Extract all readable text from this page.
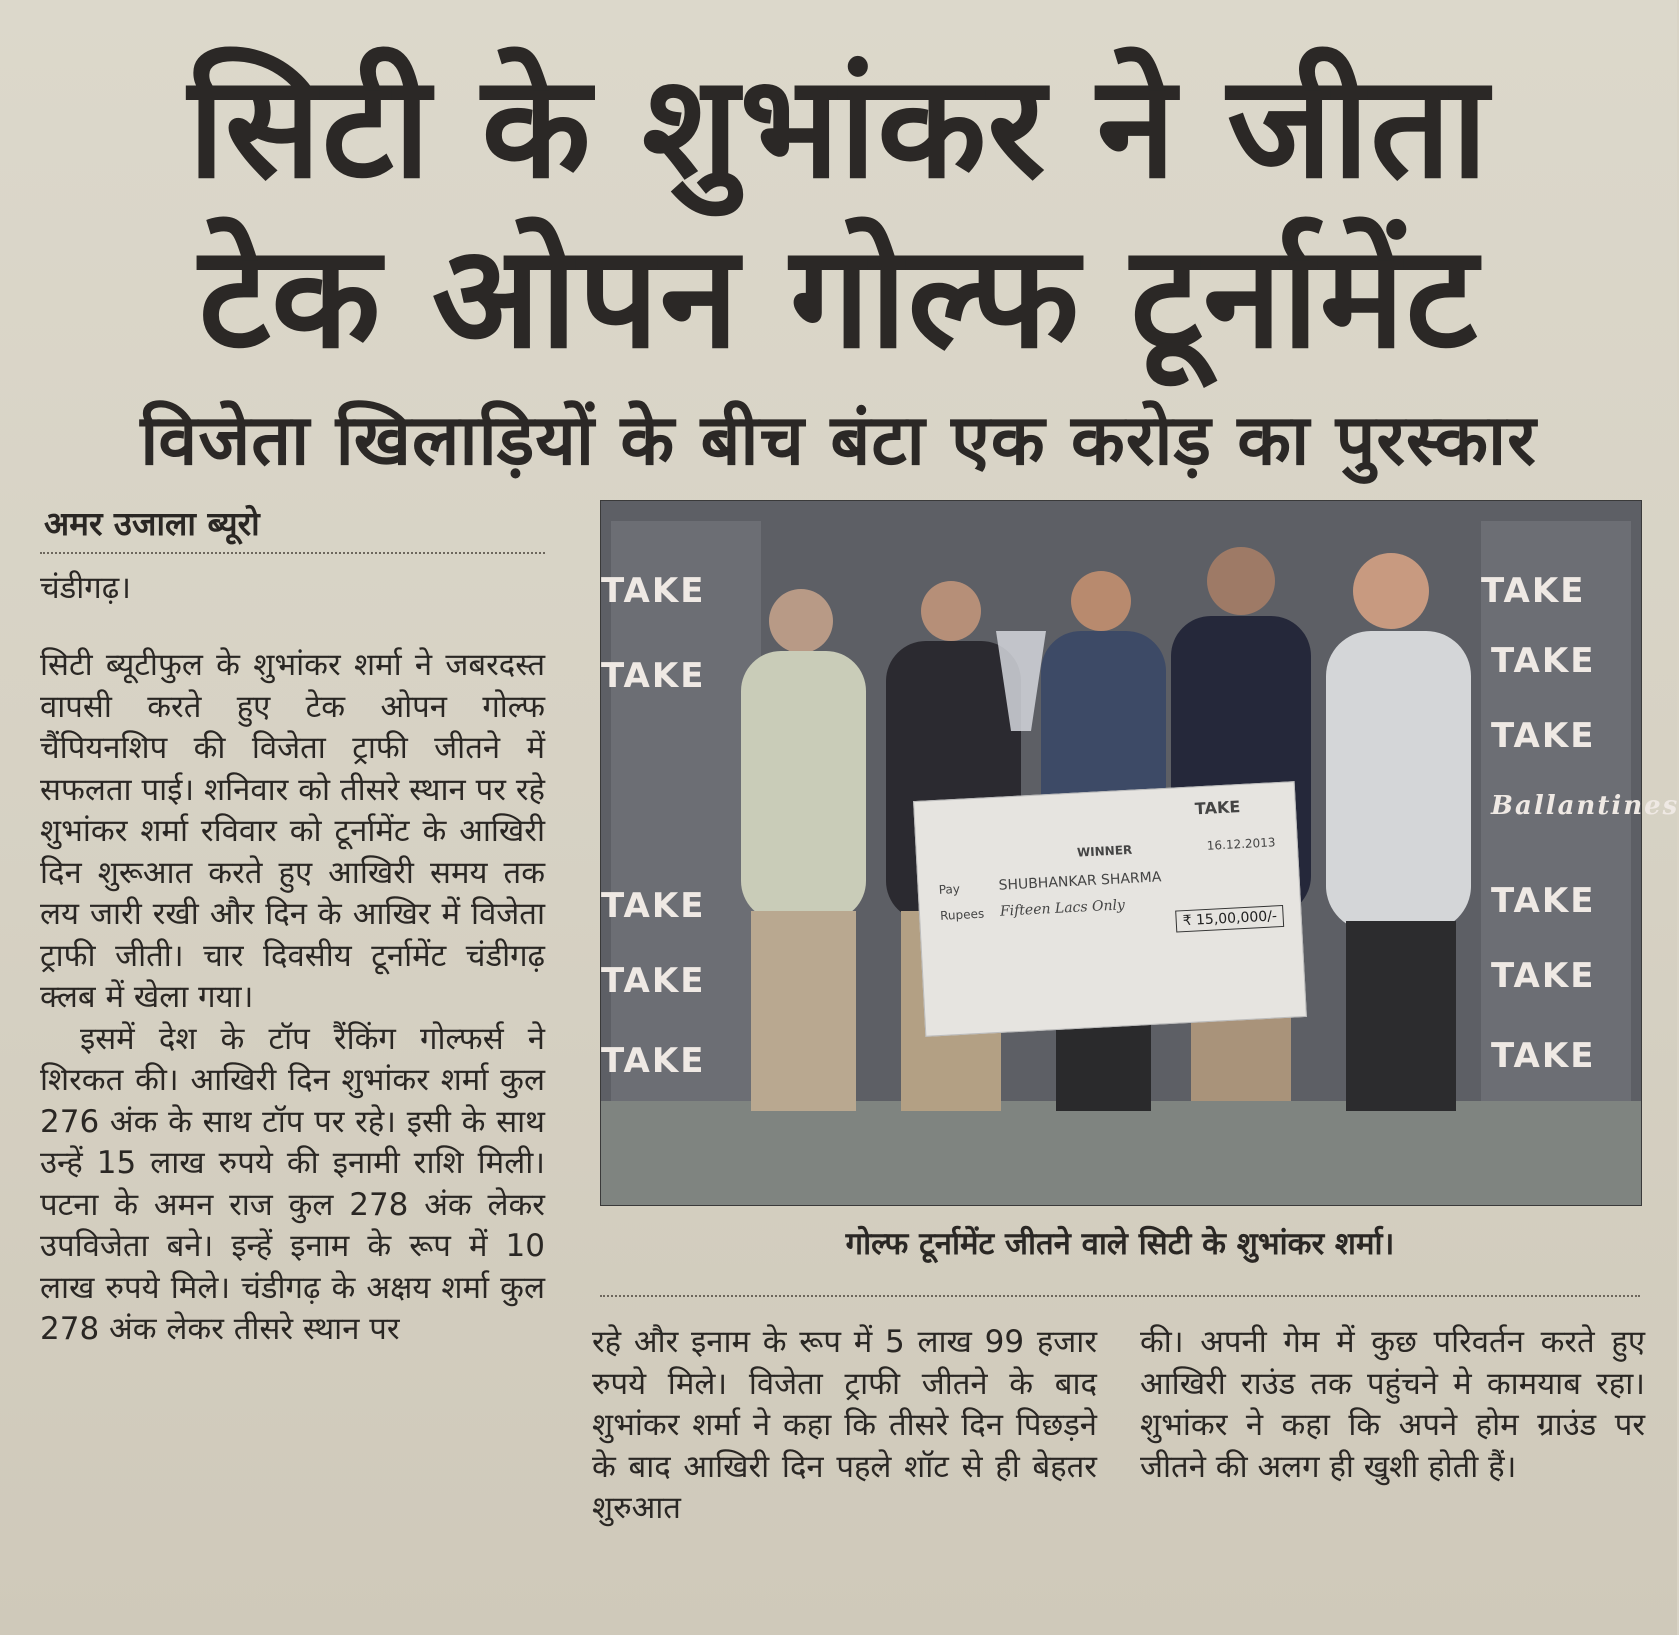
सिटी के शुभांकर ने जीता
टेक ओपन गोल्फ टूर्नामेंट
विजेता खिलाड़ियों के बीच बंटा एक करोड़ का पुरस्कार
अमर उजाला ब्यूरो
चंडीगढ़।
सिटी ब्यूटीफुल के शुभांकर शर्मा ने जबरदस्त वापसी करते हुए टेक ओपन गोल्फ चैंपियनशिप की विजेता ट्राफी जीतने में सफलता पाई। शनिवार को तीसरे स्थान पर रहे शुभांकर शर्मा रविवार को टूर्नामेंट के आखिरी दिन शुरूआत करते हुए आखिरी समय तक लय जारी रखी और दिन के आखिर में विजेता ट्राफी जीती। चार दिवसीय टूर्नामेंट चंडीगढ़ क्लब में खेला गया।
इसमें देश के टॉप रैंकिंग गोल्फर्स ने शिरकत की। आखिरी दिन शुभांकर शर्मा कुल 276 अंक के साथ टॉप पर रहे। इसी के साथ उन्हें 15 लाख रुपये की इनामी राशि मिली। पटना के अमन राज कुल 278 अंक लेकर उपविजेता बने। इन्हें इनाम के रूप में 10 लाख रुपये मिले। चंडीगढ़ के अक्षय शर्मा कुल 278 अंक लेकर तीसरे स्थान पर
TAKE	TAKE
TAKE
TAKE
TAKE
TAKE
TAKE
TAKE
TAKE
TAKE
TAKE
Ballantines
TAKE
WINNER	16.12.2013
Pay	SHUBHANKAR SHARMA
Rupees Fifteen Lacs Only	₹ 15,00,000/-
गोल्फ टूर्नामेंट जीतने वाले सिटी के शुभांकर शर्मा।
रहे और इनाम के रूप में 5 लाख 99 हजार रुपये मिले। विजेता ट्राफी जीतने के बाद शुभांकर शर्मा ने कहा कि तीसरे दिन पिछड़ने के बाद आखिरी दिन पहले शॉट से ही बेहतर शुरुआत
की। अपनी गेम में कुछ परिवर्तन करते हुए आखिरी राउंड तक पहुंचने मे कामयाब रहा। शुभांकर ने कहा कि अपने होम ग्राउंड पर जीतने की अलग ही खुशी होती हैं।
